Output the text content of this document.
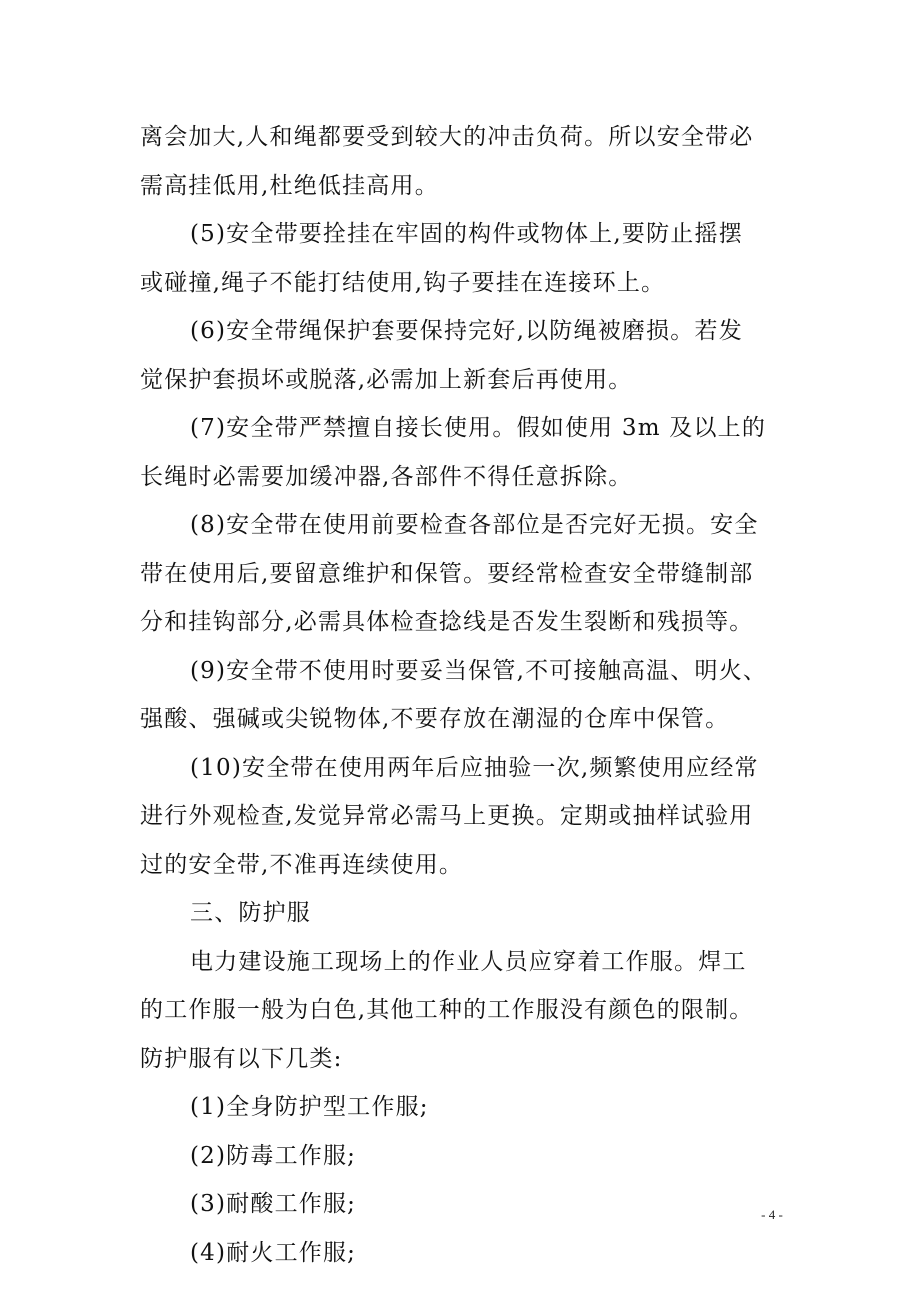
离会加大,人和绳都要受到较大的冲击负荷。所以安全带必
需高挂低用,杜绝低挂高用。
(5)安全带要拴挂在牢固的构件或物体上,要防止摇摆
或碰撞,绳子不能打结使用,钩子要挂在连接环上。
(6)安全带绳保护套要保持完好,以防绳被磨损。若发
觉保护套损坏或脱落,必需加上新套后再使用。
(7)安全带严禁擅自接长使用。假如使用 3m 及以上的
长绳时必需要加缓冲器,各部件不得任意拆除。
(8)安全带在使用前要检查各部位是否完好无损。安全
带在使用后,要留意维护和保管。要经常检查安全带缝制部
分和挂钩部分,必需具体检查捻线是否发生裂断和残损等。
(9)安全带不使用时要妥当保管,不可接触高温、明火、
强酸、强碱或尖锐物体,不要存放在潮湿的仓库中保管。
(10)安全带在使用两年后应抽验一次,频繁使用应经常
进行外观检查,发觉异常必需马上更换。定期或抽样试验用
过的安全带,不准再连续使用。
三、防护服
电力建设施工现场上的作业人员应穿着工作服。焊工
的工作服一般为白色,其他工种的工作服没有颜色的限制。
防护服有以下几类:
(1)全身防护型工作服;
(2)防毒工作服;
(3)耐酸工作服;
(4)耐火工作服;
- 4 -
